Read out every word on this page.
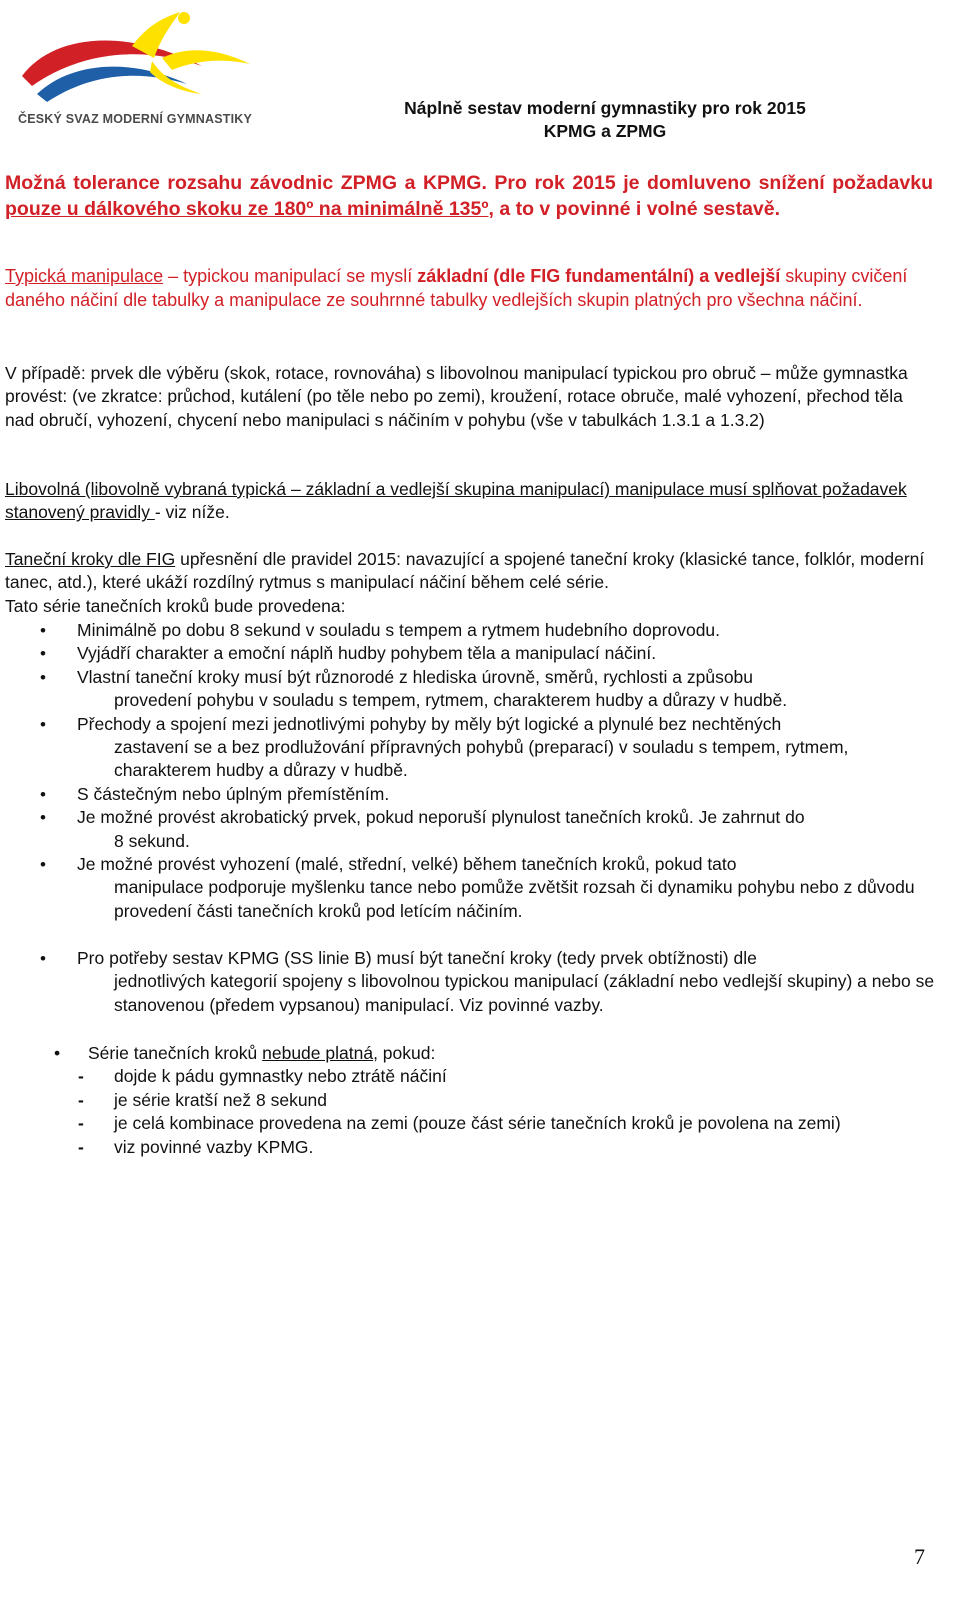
ČESKÝ SVAZ MODERNÍ GYMNASTIKY
Náplně sestav moderní gymnastiky pro rok 2015
KPMG a ZPMG
Možná tolerance rozsahu závodnic ZPMG a KPMG. Pro rok 2015 je domluveno snížení požadavku pouze u dálkového skoku ze 180º na minimálně 135º, a to v povinné i volné sestavě.
Typická manipulace – typickou manipulací se myslí základní (dle FIG fundamentální) a vedlejší skupiny cvičení daného náčiní dle tabulky a manipulace ze souhrnné tabulky vedlejších skupin platných pro všechna náčiní.
V případě: prvek dle výběru (skok, rotace, rovnováha) s libovolnou manipulací typickou pro obruč – může gymnastka provést: (ve zkratce: průchod, kutálení (po těle nebo po zemi), kroužení, rotace obruče, malé vyhození, přechod těla nad obručí, vyhození, chycení nebo manipulaci s náčiním v pohybu (vše v tabulkách 1.3.1 a 1.3.2)
Libovolná (libovolně vybraná typická – základní a vedlejší skupina manipulací) manipulace musí splňovat požadavek stanovený pravidly - viz níže.
Taneční kroky dle FIG upřesnění dle pravidel 2015: navazující a spojené taneční kroky (klasické tance, folklór, moderní tanec, atd.), které ukáží rozdílný rytmus s manipulací náčiní během celé série.
Tato série tanečních kroků bude provedena:
• Minimálně po dobu 8 sekund v souladu s tempem a rytmem hudebního doprovodu.
• Vyjádří charakter a emoční náplň hudby pohybem těla a manipulací náčiní.
• Vlastní taneční kroky musí být různorodé z hlediska úrovně, směrů, rychlosti a způsobu
provedení pohybu v souladu s tempem, rytmem, charakterem hudby a důrazy v hudbě.
• Přechody a spojení mezi jednotlivými pohyby by měly být logické a plynulé bez nechtěných
zastavení se a bez prodlužování přípravných pohybů (preparací) v souladu s tempem, rytmem, charakterem hudby a důrazy v hudbě.
• S částečným nebo úplným přemístěním.
• Je možné provést akrobatický prvek, pokud neporuší plynulost tanečních kroků. Je zahrnut do
8 sekund.
• Je možné provést vyhození (malé, střední, velké) během tanečních kroků, pokud tato
manipulace podporuje myšlenku tance nebo pomůže zvětšit rozsah či dynamiku pohybu nebo z důvodu provedení části tanečních kroků pod letícím náčiním.
• Pro potřeby sestav KPMG (SS linie B) musí být taneční kroky (tedy prvek obtížnosti) dle
jednotlivých kategorií spojeny s libovolnou typickou manipulací (základní nebo vedlejší skupiny) a nebo se stanovenou (předem vypsanou) manipulací. Viz povinné vazby.
• Série tanečních kroků nebude platná, pokud:
- dojde k pádu gymnastky nebo ztrátě náčiní
- je série kratší než 8 sekund
- je celá kombinace provedena na zemi (pouze část série tanečních kroků je povolena na zemi)
- viz povinné vazby KPMG.
7
